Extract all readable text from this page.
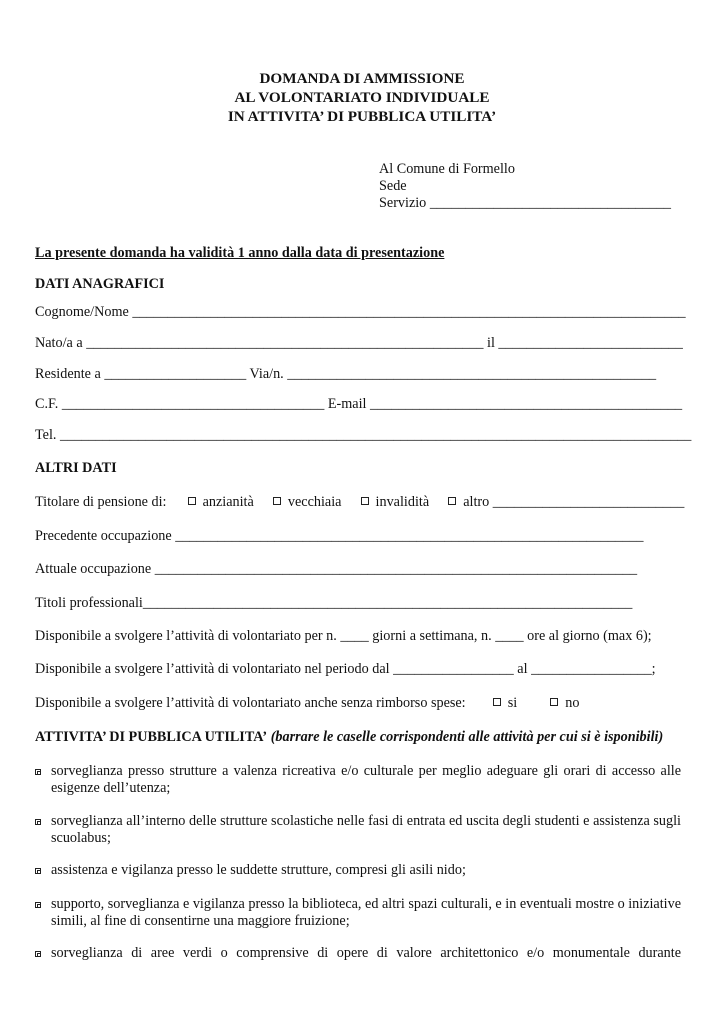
DOMANDA DI AMMISSIONE
AL VOLONTARIATO INDIVIDUALE
IN ATTIVITA’ DI PUBBLICA UTILITA’
Al Comune di Formello
Sede
Servizio __________________________________
La presente domanda ha validità 1 anno dalla data di presentazione
DATI ANAGRAFICI
Cognome/Nome ______________________________________________________________________________
Nato/a a ________________________________________________________ il __________________________
Residente a ____________________ Via/n. ____________________________________________________
C.F. _____________________________________ E-mail ____________________________________________
Tel. _________________________________________________________________________________________
ALTRI DATI
Titolare di pensione di:	anzianità vecchiaia invalidità altro ___________________________
Precedente occupazione __________________________________________________________________
Attuale occupazione ____________________________________________________________________
Titoli professionali_____________________________________________________________________
Disponibile a svolgere l’attività di volontariato per n. ____ giorni a settimana, n. ____ ore al giorno (max 6);
Disponibile a svolgere l’attività di volontariato nel periodo dal _________________ al _________________;
Disponibile a svolgere l’attività di volontariato anche senza rimborso spese:	si	no
ATTIVITA’ DI PUBBLICA UTILITA’ (barrare le caselle corrispondenti alle attività per cui si è isponibili)
sorveglianza presso strutture a valenza ricreativa e/o culturale per meglio adeguare gli orari di accesso alle esigenze dell’utenza;
sorveglianza all’interno delle strutture scolastiche nelle fasi di entrata ed uscita degli studenti e assistenza sugli scuolabus;
assistenza e vigilanza presso le suddette strutture, compresi gli asili nido;
supporto, sorveglianza e vigilanza presso la biblioteca, ed altri spazi culturali, e in eventuali mostre o iniziative simili, al fine di consentirne una maggiore fruizione;
sorveglianza di aree verdi o comprensive di opere di valore architettonico e/o monumentale durante
